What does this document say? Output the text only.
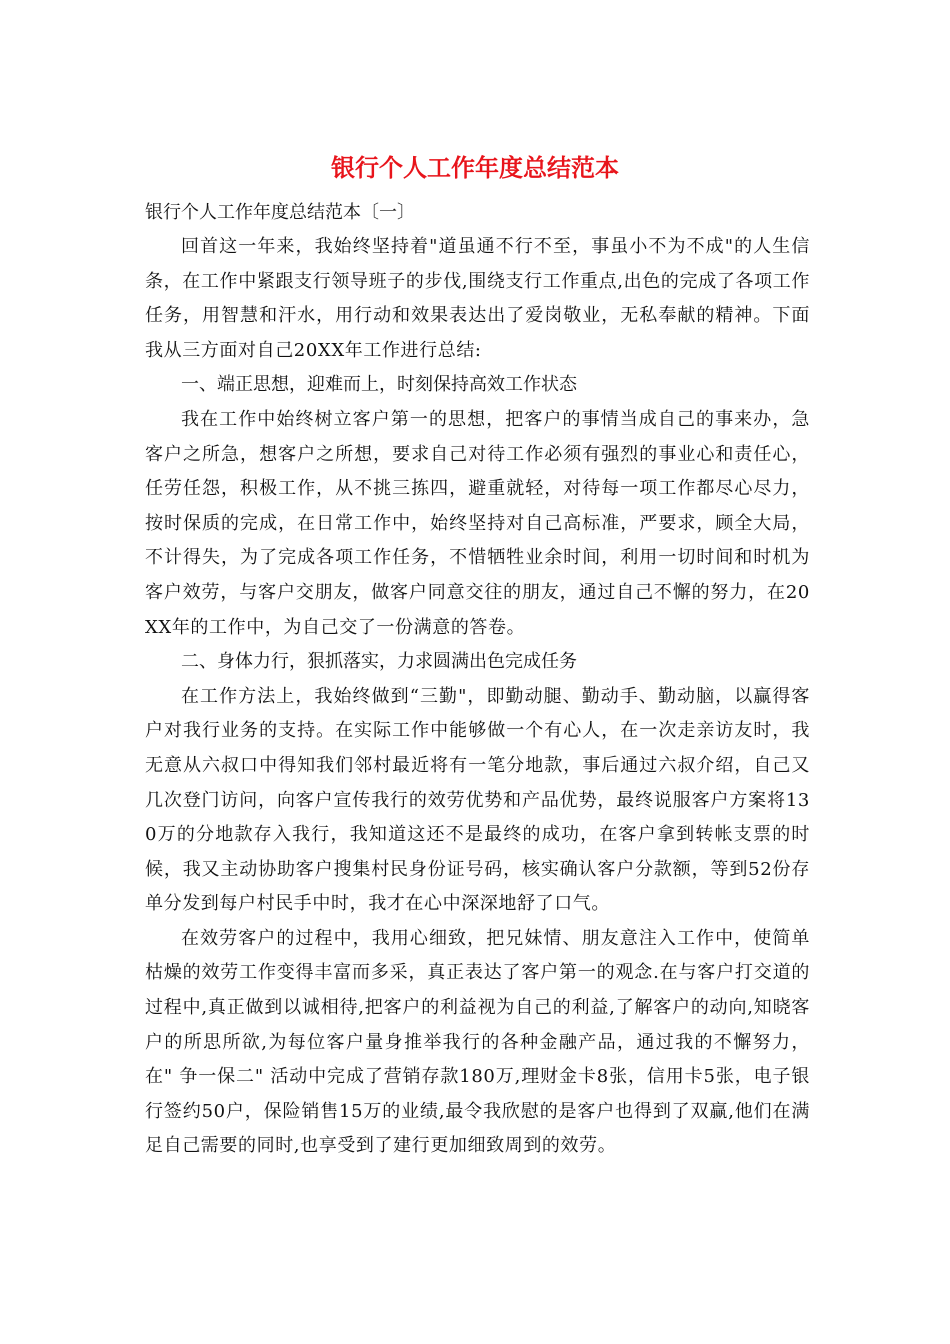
银行个人工作年度总结范本

银行个人工作年度总结范本〔一〕

回首这一年来，我始终坚持着"道虽通不行不至，事虽小不为不成"的人生信条，在工作中紧跟支行领导班子的步伐,围绕支行工作重点,出色的完成了各项工作任务，用智慧和汗水，用行动和效果表达出了爱岗敬业，无私奉献的精神。下面我从三方面对自己20XX年工作进行总结:

一、端正思想，迎难而上，时刻保持高效工作状态

我在工作中始终树立客户第一的思想，把客户的事情当成自己的事来办，急客户之所急，想客户之所想，要求自己对待工作必须有强烈的事业心和责任心，任劳任怨，积极工作，从不挑三拣四，避重就轻，对待每一项工作都尽心尽力，按时保质的完成，在日常工作中，始终坚持对自己高标准，严要求，顾全大局，不计得失，为了完成各项工作任务，不惜牺牲业余时间，利用一切时间和时机为客户效劳，与客户交朋友，做客户同意交往的朋友，通过自己不懈的努力，在20XX年的工作中，为自己交了一份满意的答卷。

二、身体力行，狠抓落实，力求圆满出色完成任务

在工作方法上，我始终做到“三勤"，即勤动腿、勤动手、勤动脑，以赢得客户对我行业务的支持。在实际工作中能够做一个有心人，在一次走亲访友时，我无意从六叔口中得知我们邻村最近将有一笔分地款，事后通过六叔介绍，自己又几次登门访问，向客户宣传我行的效劳优势和产品优势，最终说服客户方案将130万的分地款存入我行，我知道这还不是最终的成功，在客户拿到转帐支票的时候，我又主动协助客户搜集村民身份证号码，核实确认客户分款额，等到52份存单分发到每户村民手中时，我才在心中深深地舒了口气。

在效劳客户的过程中，我用心细致，把兄妹情、朋友意注入工作中，使简单枯燥的效劳工作变得丰富而多采，真正表达了客户第一的观念.在与客户打交道的过程中,真正做到以诚相待,把客户的利益视为自己的利益,了解客户的动向,知晓客户的所思所欲,为每位客户量身推举我行的各种金融产品，通过我的不懈努力，在" 争一保二" 活动中完成了营销存款180万,理财金卡8张，信用卡5张，电子银行签约50户，保险销售15万的业绩,最令我欣慰的是客户也得到了双赢,他们在满足自己需要的同时,也享受到了建行更加细致周到的效劳。
